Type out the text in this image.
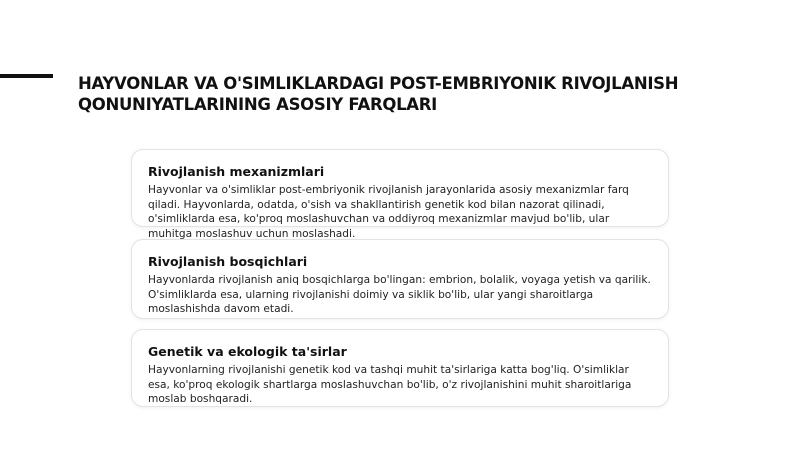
HAYVONLAR VA O'SIMLIKLARDAGI POST-EMBRIYONIK RIVOJLANISH QONUNIYATLARINING ASOSIY FARQLARI
Rivojlanish mexanizmlari

Hayvonlar va o'simliklar post-embriyonik rivojlanish jarayonlarida asosiy mexanizmlar farq qiladi. Hayvonlarda, odatda, o'sish va shakllantirish genetik kod bilan nazorat qilinadi, o'simliklarda esa, ko'proq moslashuvchan va oddiyroq mexanizmlar mavjud bo'lib, ular muhitga moslashuv uchun moslashadi.

Rivojlanish bosqichlari

Hayvonlarda rivojlanish aniq bosqichlarga bo'lingan: embrion, bolalik, voyaga yetish va qarilik. O'simliklarda esa, ularning rivojlanishi doimiy va siklik bo'lib, ular yangi sharoitlarga moslashishda davom etadi.

Genetik va ekologik ta'sirlar

Hayvonlarning rivojlanishi genetik kod va tashqi muhit ta'sirlariga katta bog'liq. O'simliklar esa, ko'proq ekologik shartlarga moslashuvchan bo'lib, o'z rivojlanishini muhit sharoitlariga moslab boshqaradi.
